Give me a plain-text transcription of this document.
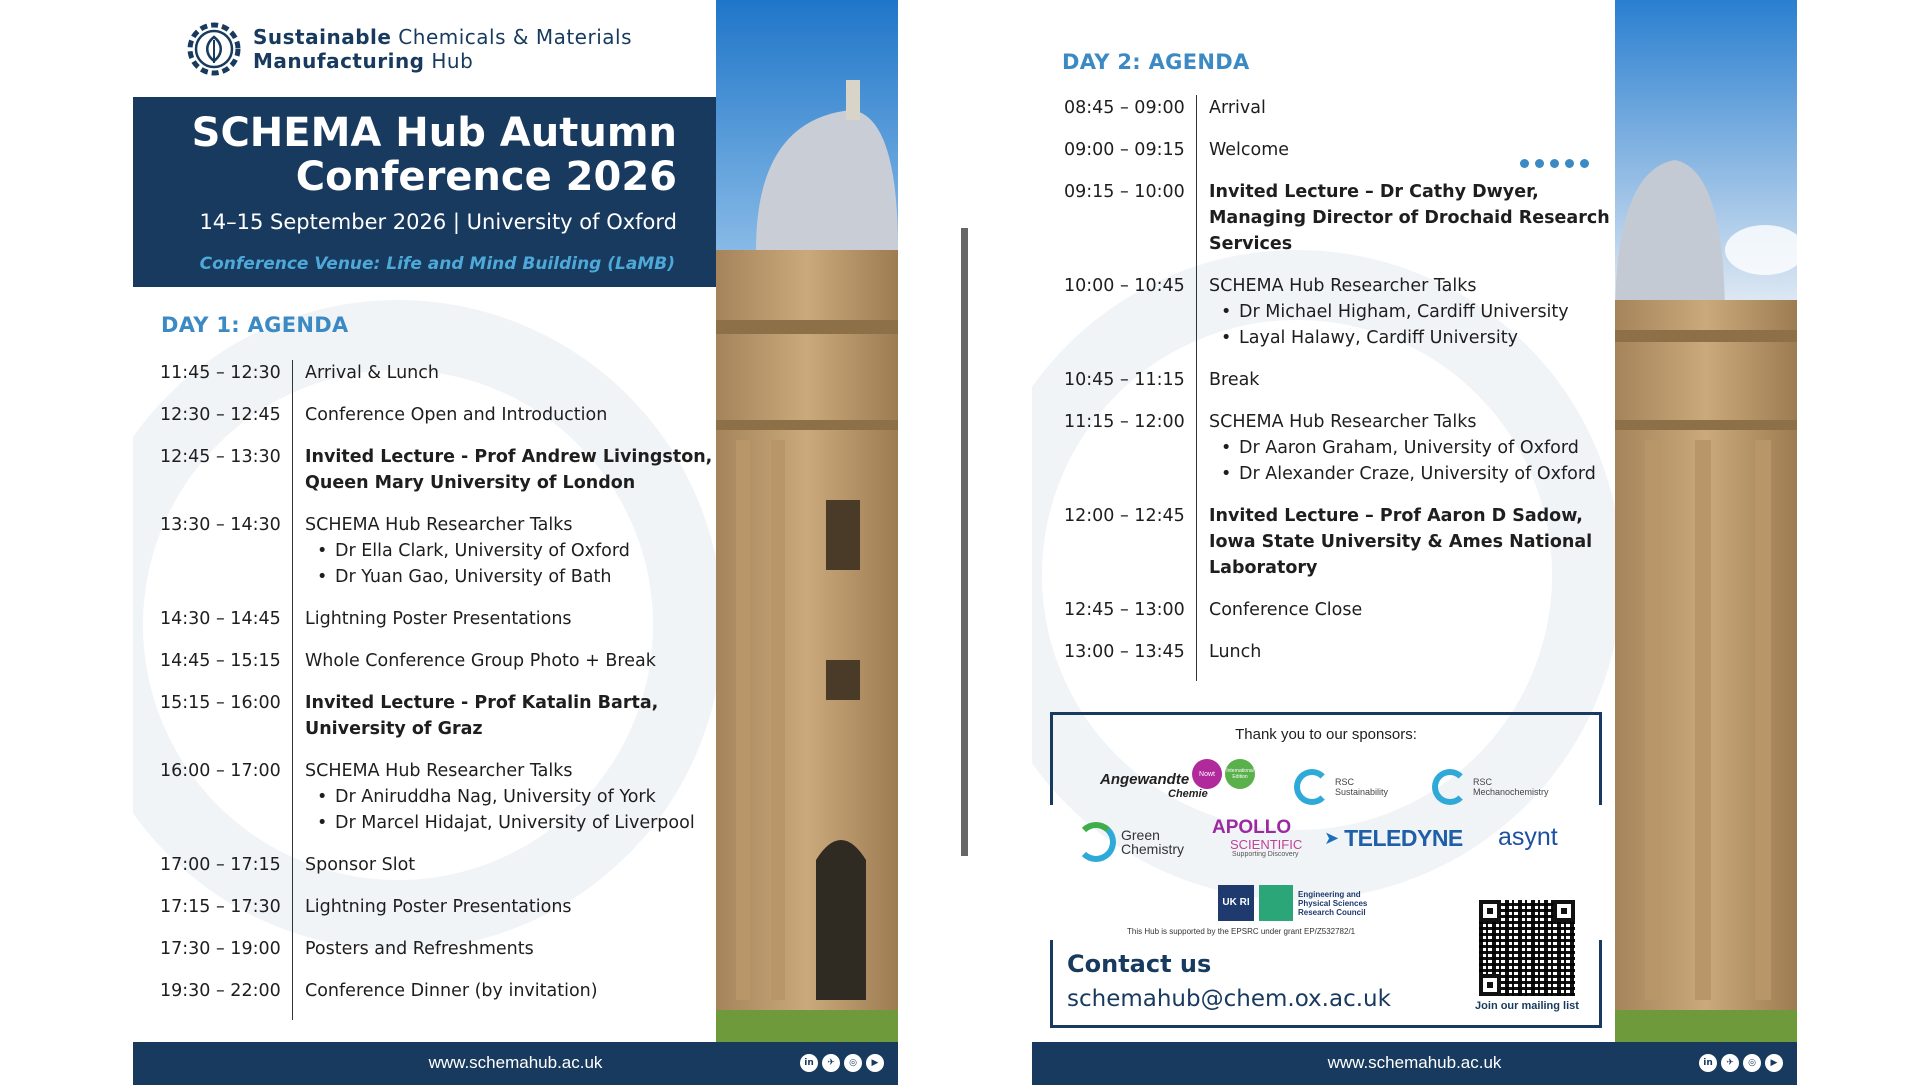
Sustainable Chemicals & Materials
Manufacturing Hub
SCHEMA Hub Autumn
Conference 2026
14–15 September 2026 | University of Oxford
Conference Venue: Life and Mind Building (LaMB)
DAY 1: AGENDA
11:45 – 12:30	Arrival & Lunch
12:30 – 12:45	Conference Open and Introduction
12:45 – 13:30	Invited Lecture - Prof Andrew Livingston, Queen Mary University of London
13:30 – 14:30	SCHEMA Hub Researcher Talks
• Dr Ella Clark, University of Oxford
• Dr Yuan Gao, University of Bath
14:30 – 14:45	Lightning Poster Presentations
14:45 – 15:15	Whole Conference Group Photo + Break
15:15 – 16:00	Invited Lecture - Prof Katalin Barta, University of Graz
16:00 – 17:00	SCHEMA Hub Researcher Talks
• Dr Aniruddha Nag, University of York
• Dr Marcel Hidajat, University of Liverpool
17:00 – 17:15	Sponsor Slot
17:15 – 17:30	Lightning Poster Presentations
17:30 – 19:00	Posters and Refreshments
19:30 – 22:00	Conference Dinner (by invitation)
www.schemahub.ac.uk	in	✈	◎	▶
DAY 2: AGENDA
08:45 – 09:00	Arrival
09:00 – 09:15	Welcome
09:15 – 10:00	Invited Lecture – Dr Cathy Dwyer, Managing Director of Drochaid Research Services
10:00 – 10:45	SCHEMA Hub Researcher Talks
• Dr Michael Higham, Cardiff University
• Layal Halawy, Cardiff University
10:45 – 11:15	Break
11:15 – 12:00	SCHEMA Hub Researcher Talks
• Dr Aaron Graham, University of Oxford
• Dr Alexander Craze, University of Oxford
12:00 – 12:45	Invited Lecture – Prof Aaron D Sadow, Iowa State University & Ames National Laboratory
12:45 – 13:00	Conference Close
13:00 – 13:45	Lunch
Thank you to our sponsors:
Nowt	International Edition
Angewandte
Chemie
RSC
Sustainability
RSC
Mechanochemistry
Green
Chemistry
APOLLO
SCIENTIFIC
Supporting Discovery
➤ TELEDYNE asynt
UK RI
Engineering and
Physical Sciences
Research Council
This Hub is supported by the EPSRC under grant EP/Z532782/1
Contact us
schemahub@chem.ox.ac.uk	Join our mailing list
www.schemahub.ac.uk	in	✈	◎	▶
